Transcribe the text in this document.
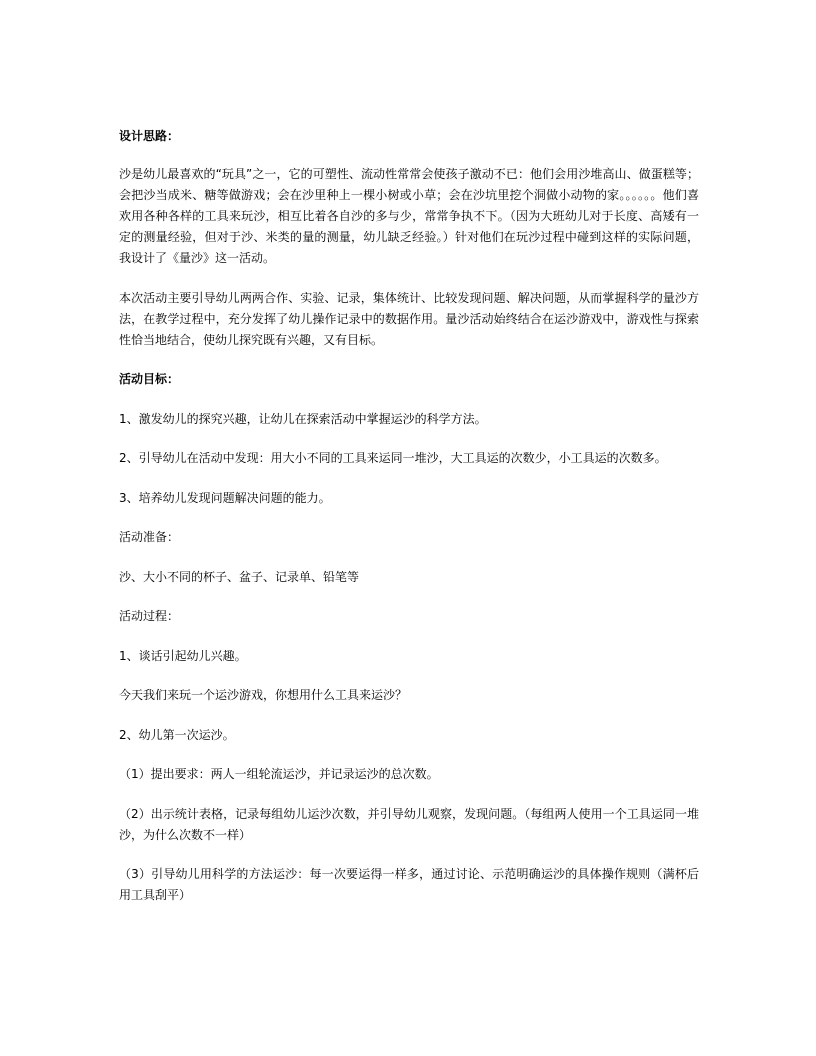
设计思路：

沙是幼儿最喜欢的“玩具”之一，它的可塑性、流动性常常会使孩子激动不已：他们会用沙堆高山、做蛋糕等；会把沙当成米、糖等做游戏；会在沙里种上一棵小树或小草；会在沙坑里挖个洞做小动物的家。。。。。。他们喜欢用各种各样的工具来玩沙，相互比着各自沙的多与少，常常争执不下。（因为大班幼儿对于长度、高矮有一定的测量经验，但对于沙、米类的量的测量，幼儿缺乏经验。）针对他们在玩沙过程中碰到这样的实际问题，我设计了《量沙》这一活动。

本次活动主要引导幼儿两两合作、实验、记录，集体统计、比较发现问题、解决问题，从而掌握科学的量沙方法，在教学过程中，充分发挥了幼儿操作记录中的数据作用。量沙活动始终结合在运沙游戏中，游戏性与探索性恰当地结合，使幼儿探究既有兴趣，又有目标。

活动目标：

1、激发幼儿的探究兴趣，让幼儿在探索活动中掌握运沙的科学方法。

2、引导幼儿在活动中发现：用大小不同的工具来运同一堆沙，大工具运的次数少，小工具运的次数多。

3、培养幼儿发现问题解决问题的能力。

活动准备：

沙、大小不同的杯子、盆子、记录单、铅笔等

活动过程：

1、谈话引起幼儿兴趣。

今天我们来玩一个运沙游戏，你想用什么工具来运沙？

2、幼儿第一次运沙。

（1）提出要求：两人一组轮流运沙，并记录运沙的总次数。

（2）出示统计表格，记录每组幼儿运沙次数，并引导幼儿观察，发现问题。（每组两人使用一个工具运同一堆沙，为什么次数不一样）

（3）引导幼儿用科学的方法运沙：每一次要运得一样多，通过讨论、示范明确运沙的具体操作规则（满杯后用工具刮平）
